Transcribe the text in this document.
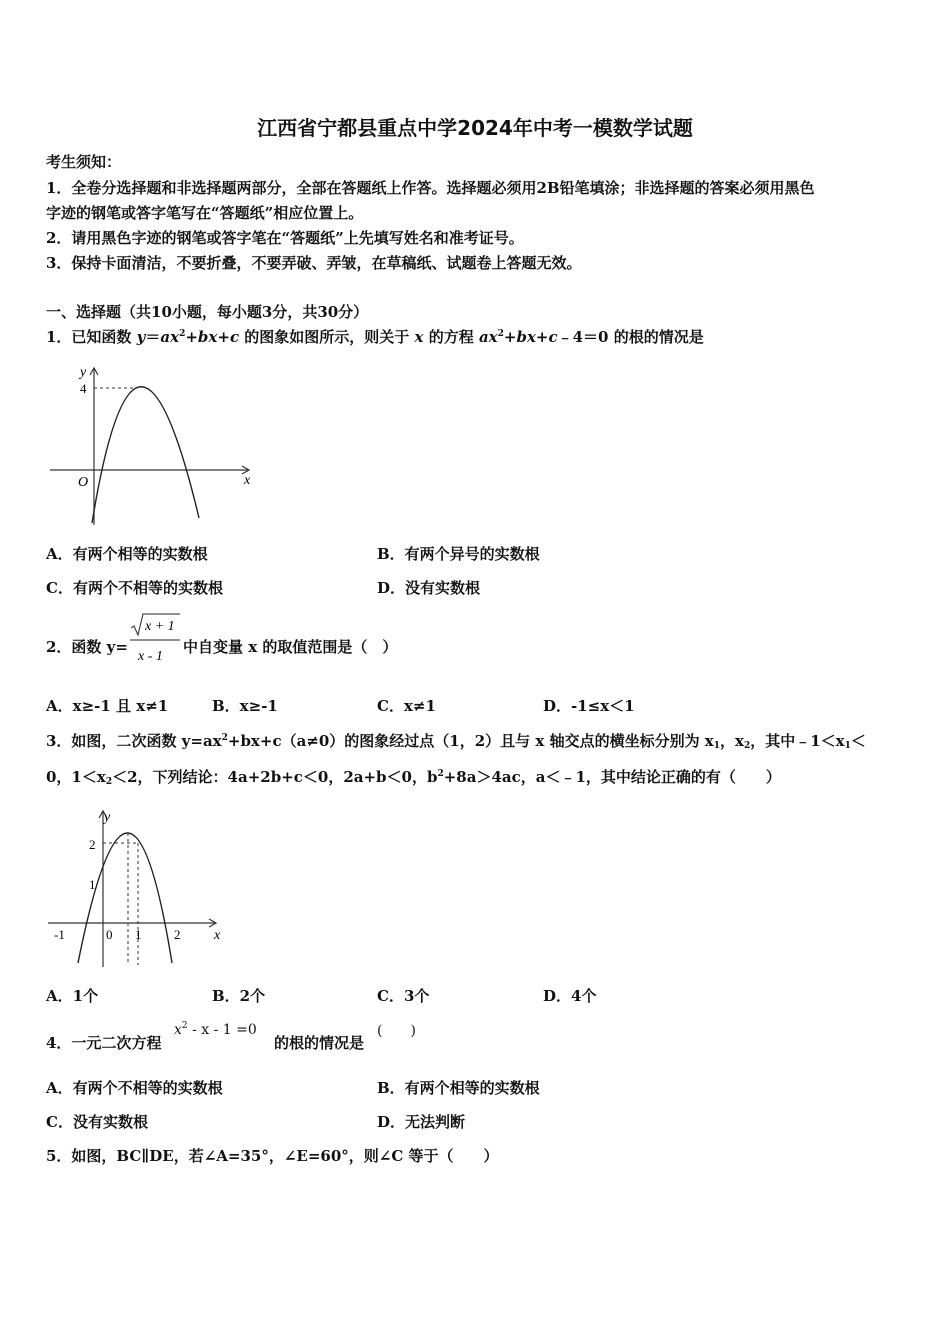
江西省宁都县重点中学2024年中考一模数学试题
考生须知：
1．全卷分选择题和非选择题两部分，全部在答题纸上作答。选择题必须用2B铅笔填涂；非选择题的答案必须用黑色
字迹的钢笔或答字笔写在“答题纸”相应位置上。
2．请用黑色字迹的钢笔或答字笔在“答题纸”上先填写姓名和准考证号。
3．保持卡面清洁，不要折叠，不要弄破、弄皱，在草稿纸、试题卷上答题无效。
一、选择题（共10小题，每小题3分，共30分）
1．已知函数 $y=ax^2+bx+c$ 的图象如图所示，则关于 x 的方程 $ax^2+bx+c﹣4=0$ 的根的情况是
y
x
O
4
A．有两个相等的实数根	B．有两个异号的实数根
C．有两个不相等的实数根	D．没有实数根
2．函数 y=
x + 1
x - 1
中自变量 x 的取值范围是（　）
A．x≥-1 且 x≠1	B．x≥-1	C．x≠1	D．-1≤x＜1
3．如图，二次函数 $y=ax^2+bx+c(a\ne 0)$的图象经过点（1，2）且与 x 轴交点的横坐标分别为 $x_1$，$x_2$，其中$﹣1<x_1<$
0，$1<x_2<2$，下列结论：4a+2b+c＜0，2a+b＜0，$b^2+8a>4ac$，a＜﹣1，其中结论正确的有（　　）
y
x
2
1
-1	0 1	2
A．1个	B．2个	C．3个	D．4个
4．一元二次方程
$x^2 - x - 1 =0$
的根的情况是
(　　)
A．有两个不相等的实数根	B．有两个相等的实数根
C．没有实数根	D．无法判断
5．如图，BC∥DE，若∠A=35°，∠E=60°，则∠C 等于（　　）
